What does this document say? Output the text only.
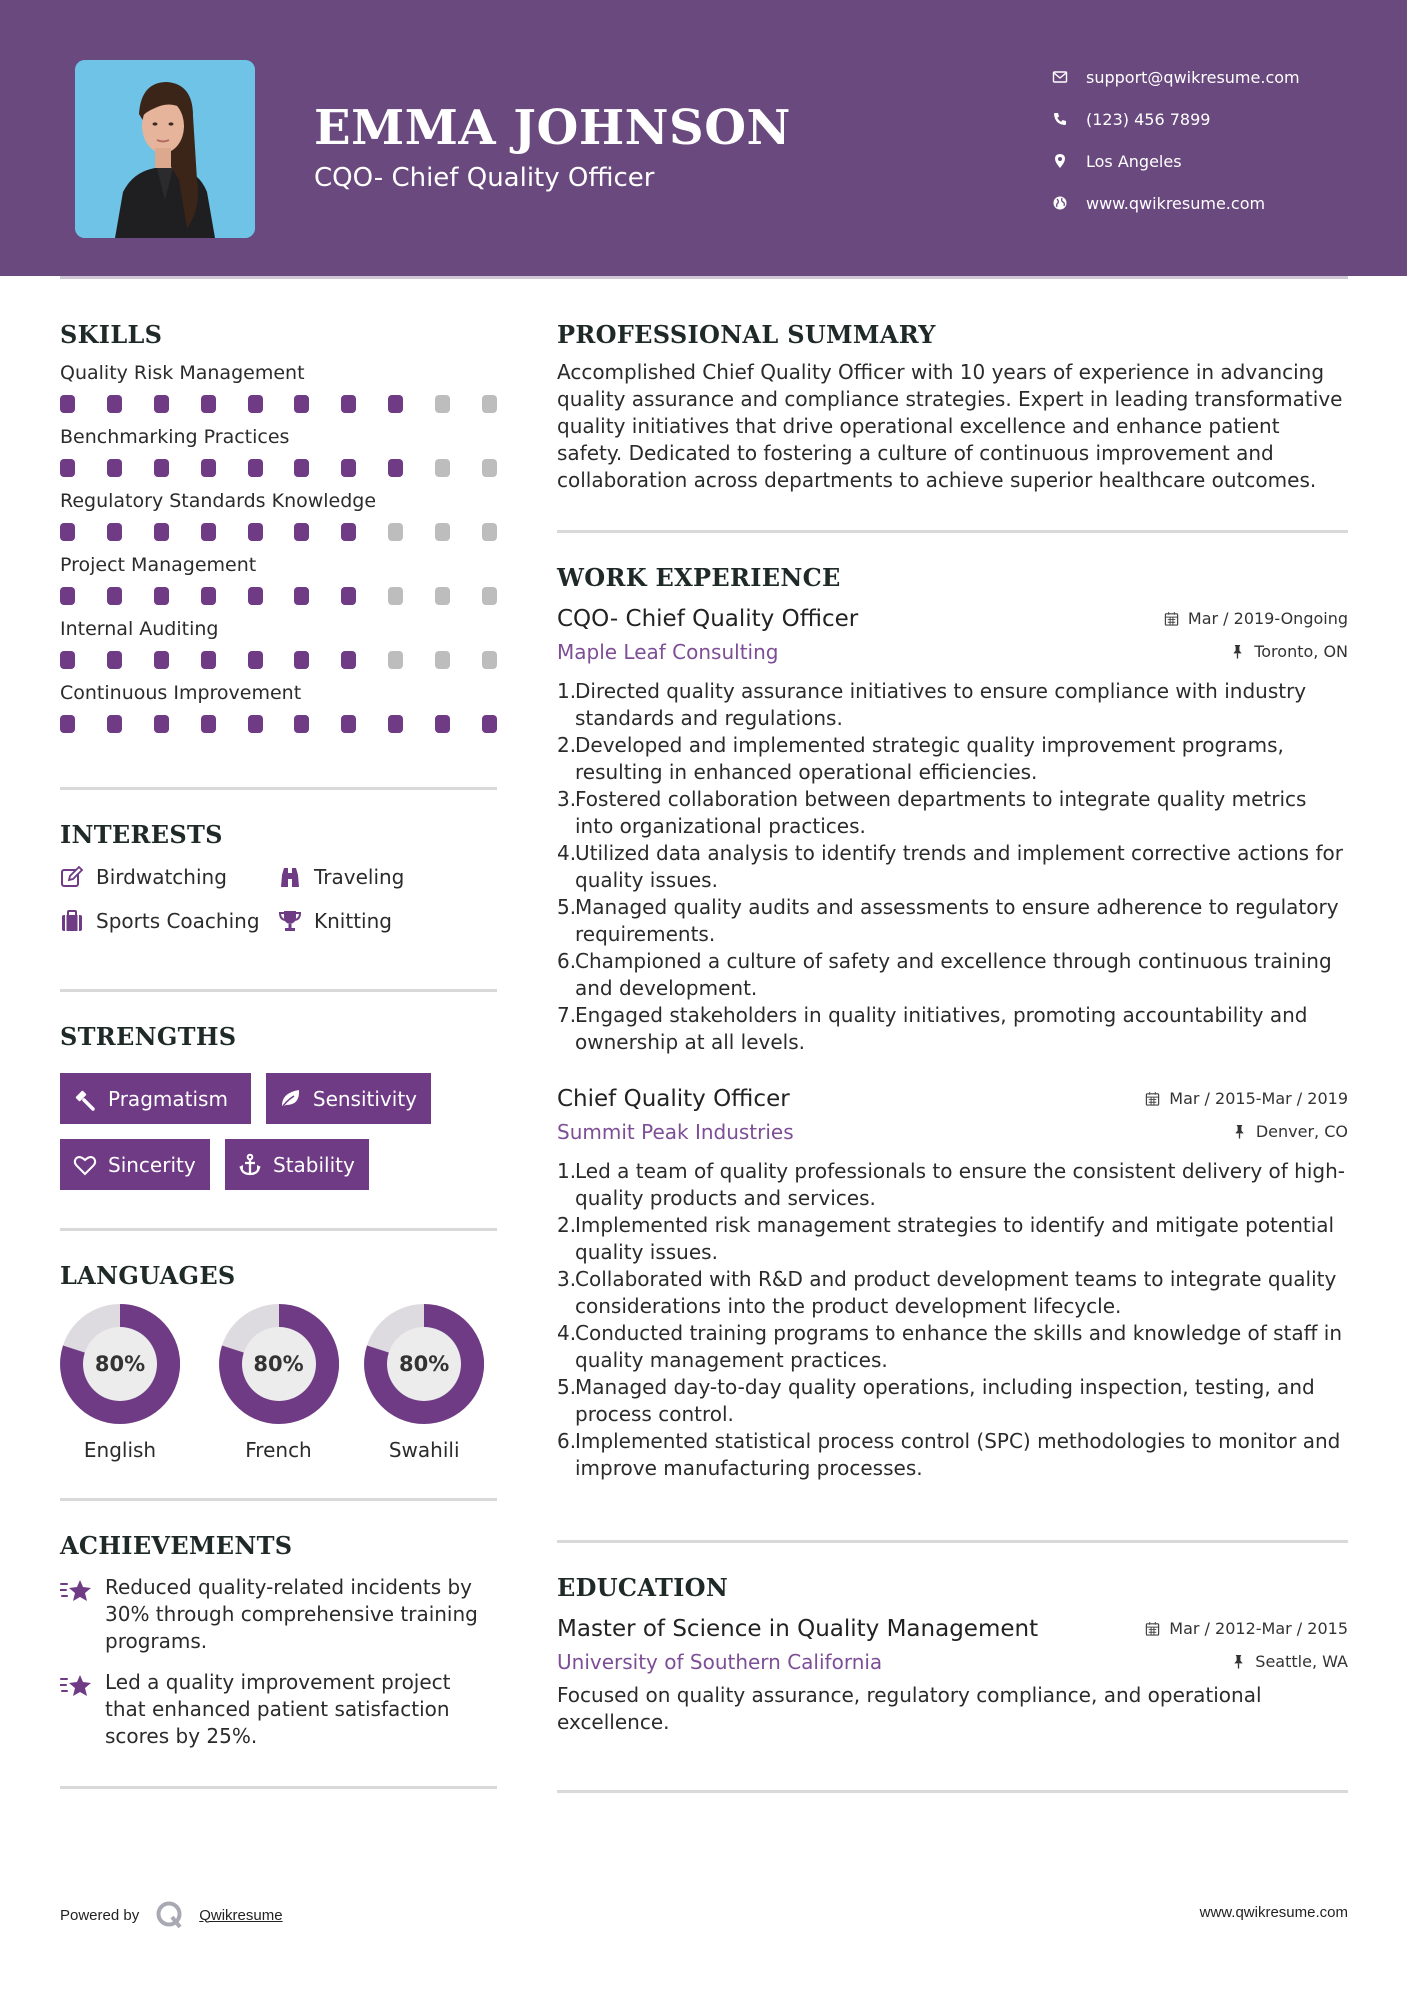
EMMA JOHNSON
CQO- Chief Quality Officer
support@qwikresume.com
(123) 456 7899
Los Angeles
www.qwikresume.com
SKILLS
Quality Risk Management
Benchmarking Practices
Regulatory Standards Knowledge
Project Management
Internal Auditing
Continuous Improvement
INTERESTS
Birdwatching	Traveling
Sports Coaching	Knitting
STRENGTHS
Pragmatism	Sensitivity
Sincerity	Stability
LANGUAGES
80%
English
80%
French
80%
Swahili
ACHIEVEMENTS
Reduced quality-related incidents by 30% through comprehensive training programs.
Led a quality improvement project that enhanced patient satisfaction scores by 25%.
PROFESSIONAL SUMMARY
Accomplished Chief Quality Officer with 10 years of experience in advancing quality assurance and compliance strategies. Expert in leading transformative quality initiatives that drive operational excellence and enhance patient safety. Dedicated to fostering a culture of continuous improvement and collaboration across departments to achieve superior healthcare outcomes.
WORK EXPERIENCE
CQO- Chief Quality Officer	Mar / 2019-Ongoing
Maple Leaf Consulting	Toronto, ON
1.
Directed quality assurance initiatives to ensure compliance with industry standards and regulations.
2.
Developed and implemented strategic quality improvement programs, resulting in enhanced operational efficiencies.
3.
Fostered collaboration between departments to integrate quality metrics into organizational practices.
4.
Utilized data analysis to identify trends and implement corrective actions for quality issues.
5.
Managed quality audits and assessments to ensure adherence to regulatory requirements.
6.
Championed a culture of safety and excellence through continuous training and development.
7.
Engaged stakeholders in quality initiatives, promoting accountability and ownership at all levels.
Chief Quality Officer	Mar / 2015-Mar / 2019
Summit Peak Industries	Denver, CO
1.
Led a team of quality professionals to ensure the consistent delivery of high-quality products and services.
2.
Implemented risk management strategies to identify and mitigate potential quality issues.
3.
Collaborated with R&D and product development teams to integrate quality considerations into the product development lifecycle.
4.
Conducted training programs to enhance the skills and knowledge of staff in quality management practices.
5.
Managed day-to-day quality operations, including inspection, testing, and process control.
6.
Implemented statistical process control (SPC) methodologies to monitor and improve manufacturing processes.
EDUCATION
Master of Science in Quality Management	Mar / 2012-Mar / 2015
University of Southern California	Seattle, WA
Focused on quality assurance, regulatory compliance, and operational excellence.
Powered by	Qwikresume	www.qwikresume.com
